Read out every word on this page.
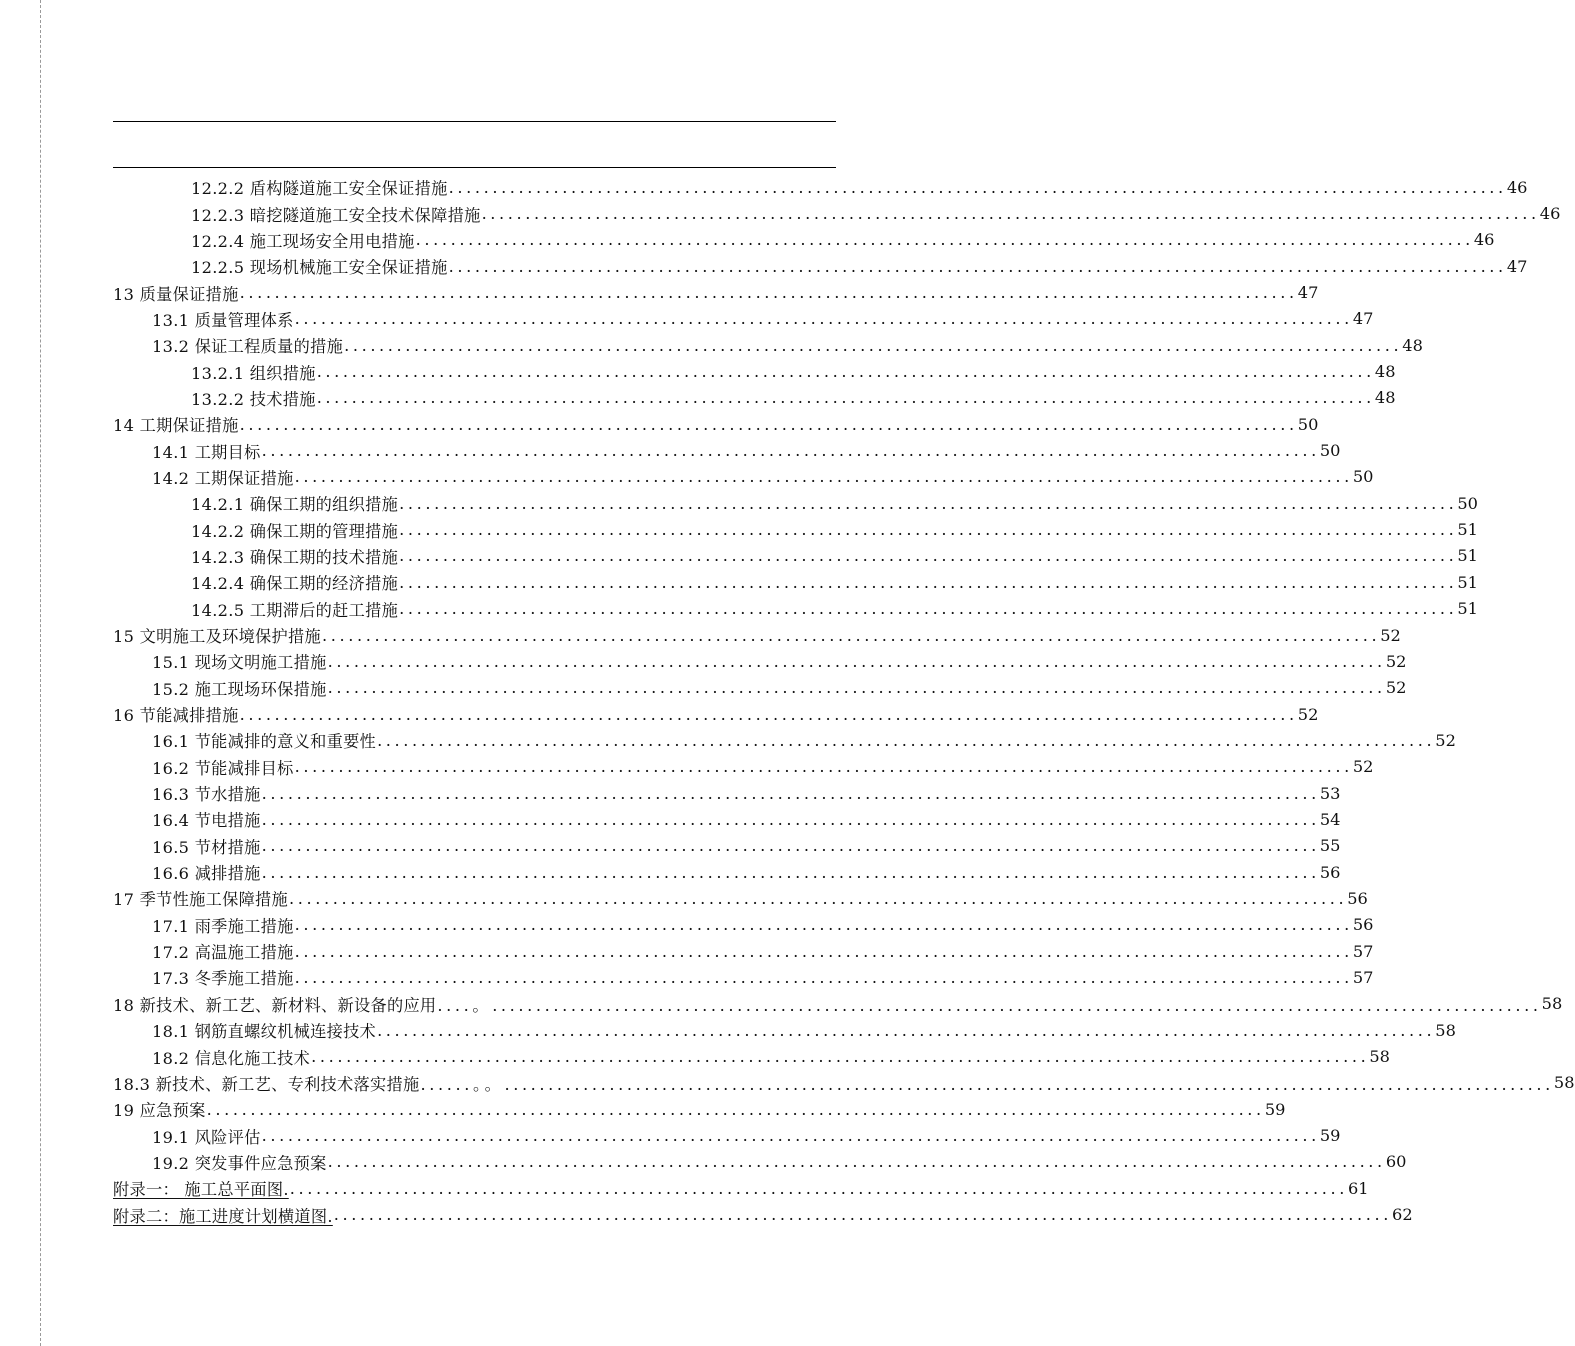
12.2.2 盾构隧道施工安全保证措施 ......................................................................................................................... 46
12.2.3 暗挖隧道施工安全技术保障措施 ......................................................................................................................... 46
12.2.4 施工现场安全用电措施 ......................................................................................................................... 46
12.2.5 现场机械施工安全保证措施 ......................................................................................................................... 47
13 质量保证措施 ......................................................................................................................... 47
13.1 质量管理体系 ......................................................................................................................... 47
13.2 保证工程质量的措施 ......................................................................................................................... 48
13.2.1 组织措施 ......................................................................................................................... 48
13.2.2 技术措施 ......................................................................................................................... 48
14 工期保证措施 ......................................................................................................................... 50
14.1 工期目标 ......................................................................................................................... 50
14.2 工期保证措施 ......................................................................................................................... 50
14.2.1 确保工期的组织措施 ......................................................................................................................... 50
14.2.2 确保工期的管理措施 ......................................................................................................................... 51
14.2.3 确保工期的技术措施 ......................................................................................................................... 51
14.2.4 确保工期的经济措施 ......................................................................................................................... 51
14.2.5 工期滞后的赶工措施 ......................................................................................................................... 51
15 文明施工及环境保护措施 ......................................................................................................................... 52
15.1 现场文明施工措施 ......................................................................................................................... 52
15.2 施工现场环保措施 ......................................................................................................................... 52
16 节能减排措施 ......................................................................................................................... 52
16.1 节能减排的意义和重要性 ......................................................................................................................... 52
16.2 节能减排目标 ......................................................................................................................... 52
16.3 节水措施 ......................................................................................................................... 53
16.4 节电措施 ......................................................................................................................... 54
16.5 节材措施 ......................................................................................................................... 55
16.6 减排措施 ......................................................................................................................... 56
17 季节性施工保障措施 ......................................................................................................................... 56
17.1 雨季施工措施 ......................................................................................................................... 56
17.2 高温施工措施 ......................................................................................................................... 57
17.3 冬季施工措施 ......................................................................................................................... 57
18 新技术、新工艺、新材料、新设备的应用 ....。........................................................................................................................ 58
18.1 钢筋直螺纹机械连接技术 ......................................................................................................................... 58
18.2 信息化施工技术 ......................................................................................................................... 58
18.3 新技术、新工艺、专利技术落实措施 ......。。........................................................................................................................ 58
19 应急预案 ......................................................................................................................... 59
19.1 风险评估 ......................................................................................................................... 59
19.2 突发事件应急预案 ......................................................................................................................... 60
附录一： 施工总平面图. ......................................................................................................................... 61
附录二：施工进度计划横道图. ......................................................................................................................... 62
